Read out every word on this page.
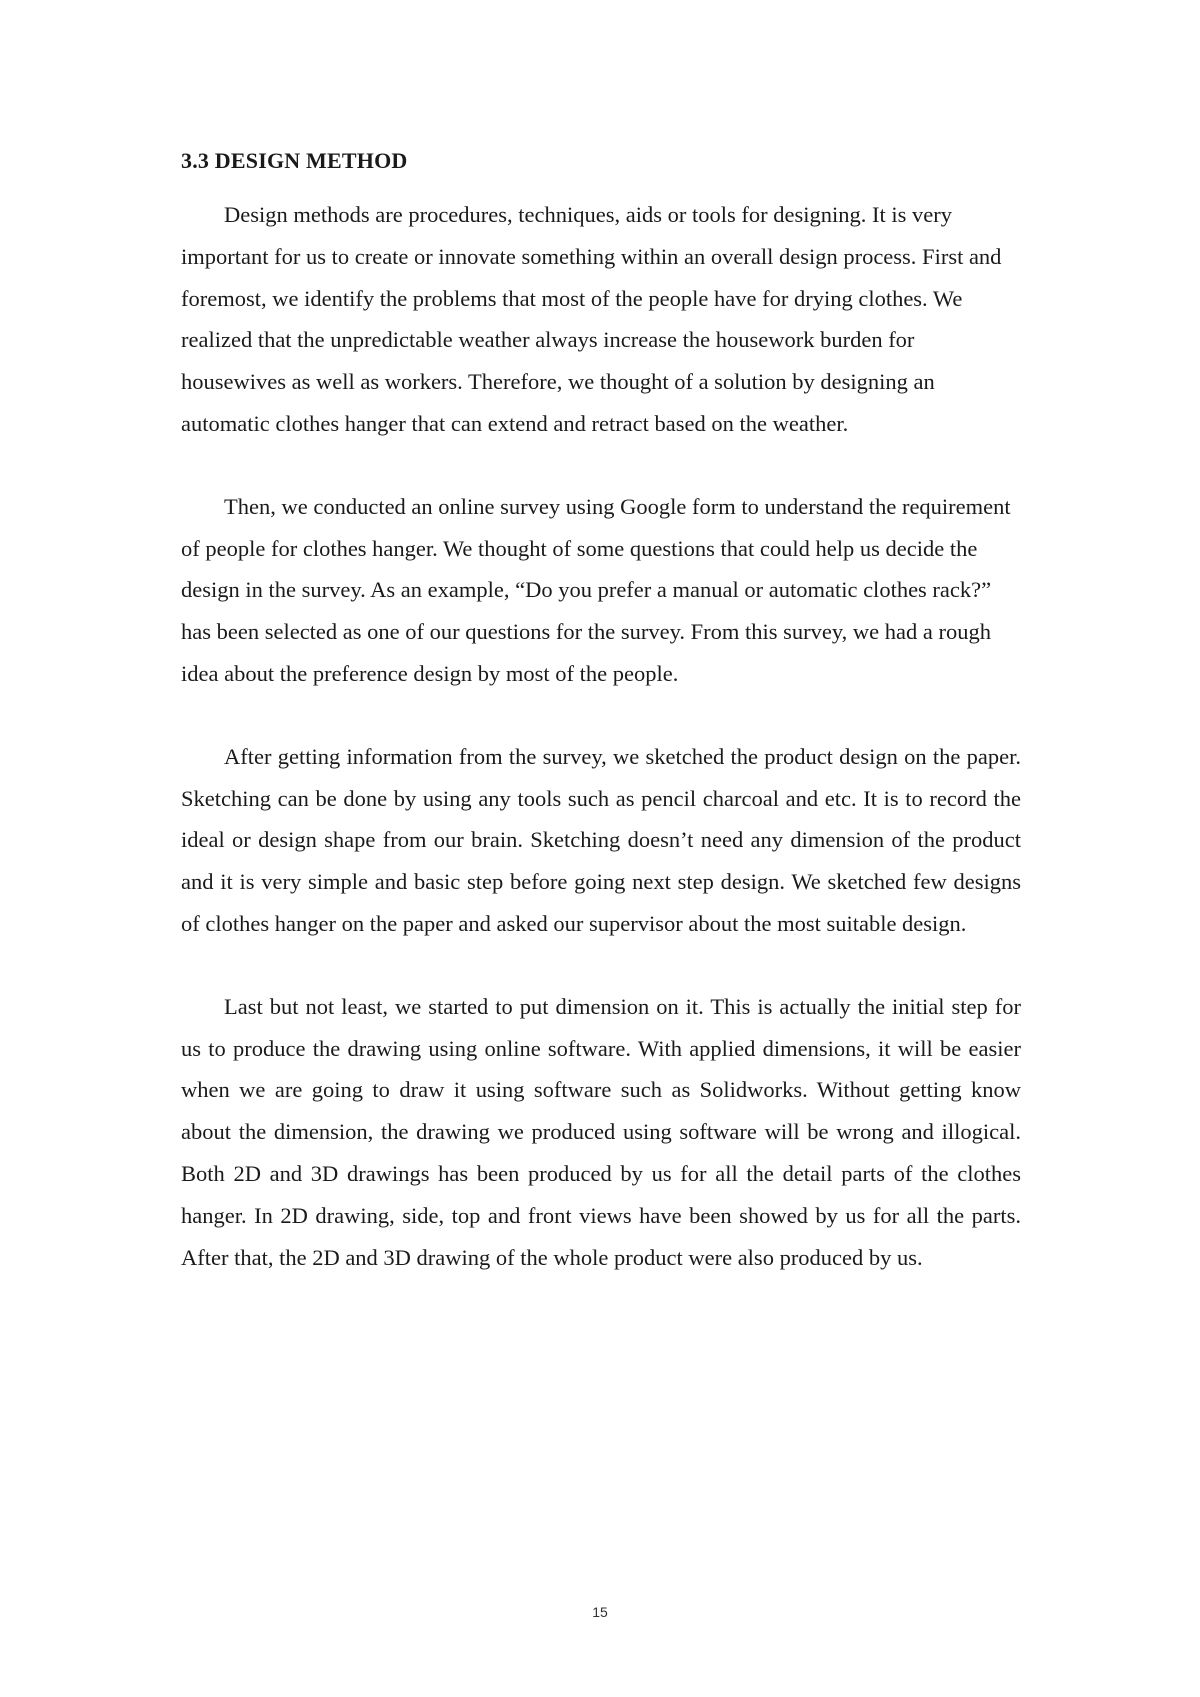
3.3 DESIGN METHOD

Design methods are procedures, techniques, aids or tools for designing. It is very important for us to create or innovate something within an overall design process. First and foremost, we identify the problems that most of the people have for drying clothes. We realized that the unpredictable weather always increase the housework burden for housewives as well as workers. Therefore, we thought of a solution by designing an automatic clothes hanger that can extend and retract based on the weather.

Then, we conducted an online survey using Google form to understand the requirement of people for clothes hanger. We thought of some questions that could help us decide the design in the survey. As an example, “Do you prefer a manual or automatic clothes rack?” has been selected as one of our questions for the survey. From this survey, we had a rough idea about the preference design by most of the people.

After getting information from the survey, we sketched the product design on the paper. Sketching can be done by using any tools such as pencil charcoal and etc. It is to record the ideal or design shape from our brain. Sketching doesn’t need any dimension of the product and it is very simple and basic step before going next step design. We sketched few designs of clothes hanger on the paper and asked our supervisor about the most suitable design.

Last but not least, we started to put dimension on it. This is actually the initial step for us to produce the drawing using online software. With applied dimensions, it will be easier when we are going to draw it using software such as Solidworks. Without getting know about the dimension, the drawing we produced using software will be wrong and illogical. Both 2D and 3D drawings has been produced by us for all the detail parts of the clothes hanger. In 2D drawing, side, top and front views have been showed by us for all the parts. After that, the 2D and 3D drawing of the whole product were also produced by us.

15
